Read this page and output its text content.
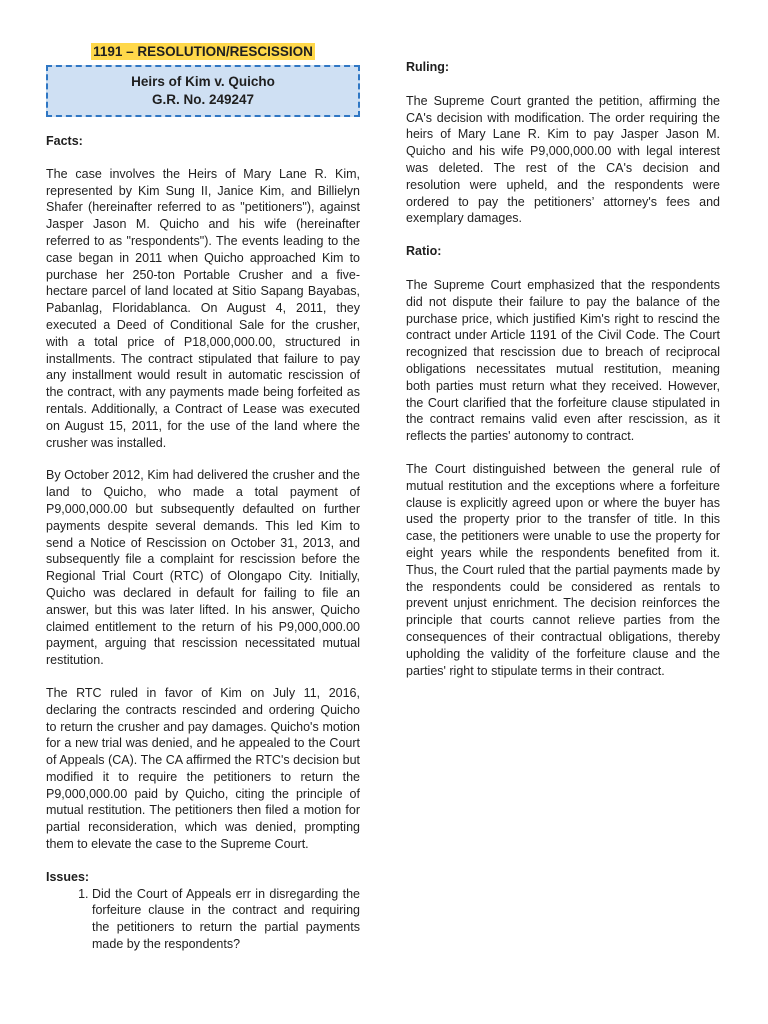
1191 – RESOLUTION/RESCISSION
Heirs of Kim v. Quicho
G.R. No. 249247
Facts:

The case involves the Heirs of Mary Lane R. Kim, represented by Kim Sung II, Janice Kim, and Billielyn Shafer (hereinafter referred to as "petitioners"), against Jasper Jason M. Quicho and his wife (hereinafter referred to as "respondents"). The events leading to the case began in 2011 when Quicho approached Kim to purchase her 250-ton Portable Crusher and a five-hectare parcel of land located at Sitio Sapang Bayabas, Pabanlag, Floridablanca. On August 4, 2011, they executed a Deed of Conditional Sale for the crusher, with a total price of P18,000,000.00, structured in installments. The contract stipulated that failure to pay any installment would result in automatic rescission of the contract, with any payments made being forfeited as rentals. Additionally, a Contract of Lease was executed on August 15, 2011, for the use of the land where the crusher was installed.

By October 2012, Kim had delivered the crusher and the land to Quicho, who made a total payment of P9,000,000.00 but subsequently defaulted on further payments despite several demands. This led Kim to send a Notice of Rescission on October 31, 2013, and subsequently file a complaint for rescission before the Regional Trial Court (RTC) of Olongapo City. Initially, Quicho was declared in default for failing to file an answer, but this was later lifted. In his answer, Quicho claimed entitlement to the return of his P9,000,000.00 payment, arguing that rescission necessitated mutual restitution.

The RTC ruled in favor of Kim on July 11, 2016, declaring the contracts rescinded and ordering Quicho to return the crusher and pay damages. Quicho's motion for a new trial was denied, and he appealed to the Court of Appeals (CA). The CA affirmed the RTC's decision but modified it to require the petitioners to return the P9,000,000.00 paid by Quicho, citing the principle of mutual restitution. The petitioners then filed a motion for partial reconsideration, which was denied, prompting them to elevate the case to the Supreme Court.

Issues:
1. Did the Court of Appeals err in disregarding the forfeiture clause in the contract and requiring the petitioners to return the partial payments made by the respondents?
Ruling:

The Supreme Court granted the petition, affirming the CA's decision with modification. The order requiring the heirs of Mary Lane R. Kim to pay Jasper Jason M. Quicho and his wife P9,000,000.00 with legal interest was deleted. The rest of the CA's decision and resolution were upheld, and the respondents were ordered to pay the petitioners’ attorney's fees and exemplary damages.

Ratio:

The Supreme Court emphasized that the respondents did not dispute their failure to pay the balance of the purchase price, which justified Kim's right to rescind the contract under Article 1191 of the Civil Code. The Court recognized that rescission due to breach of reciprocal obligations necessitates mutual restitution, meaning both parties must return what they received. However, the Court clarified that the forfeiture clause stipulated in the contract remains valid even after rescission, as it reflects the parties' autonomy to contract.

The Court distinguished between the general rule of mutual restitution and the exceptions where a forfeiture clause is explicitly agreed upon or where the buyer has used the property prior to the transfer of title. In this case, the petitioners were unable to use the property for eight years while the respondents benefited from it. Thus, the Court ruled that the partial payments made by the respondents could be considered as rentals to prevent unjust enrichment. The decision reinforces the principle that courts cannot relieve parties from the consequences of their contractual obligations, thereby upholding the validity of the forfeiture clause and the parties' right to stipulate terms in their contract.
